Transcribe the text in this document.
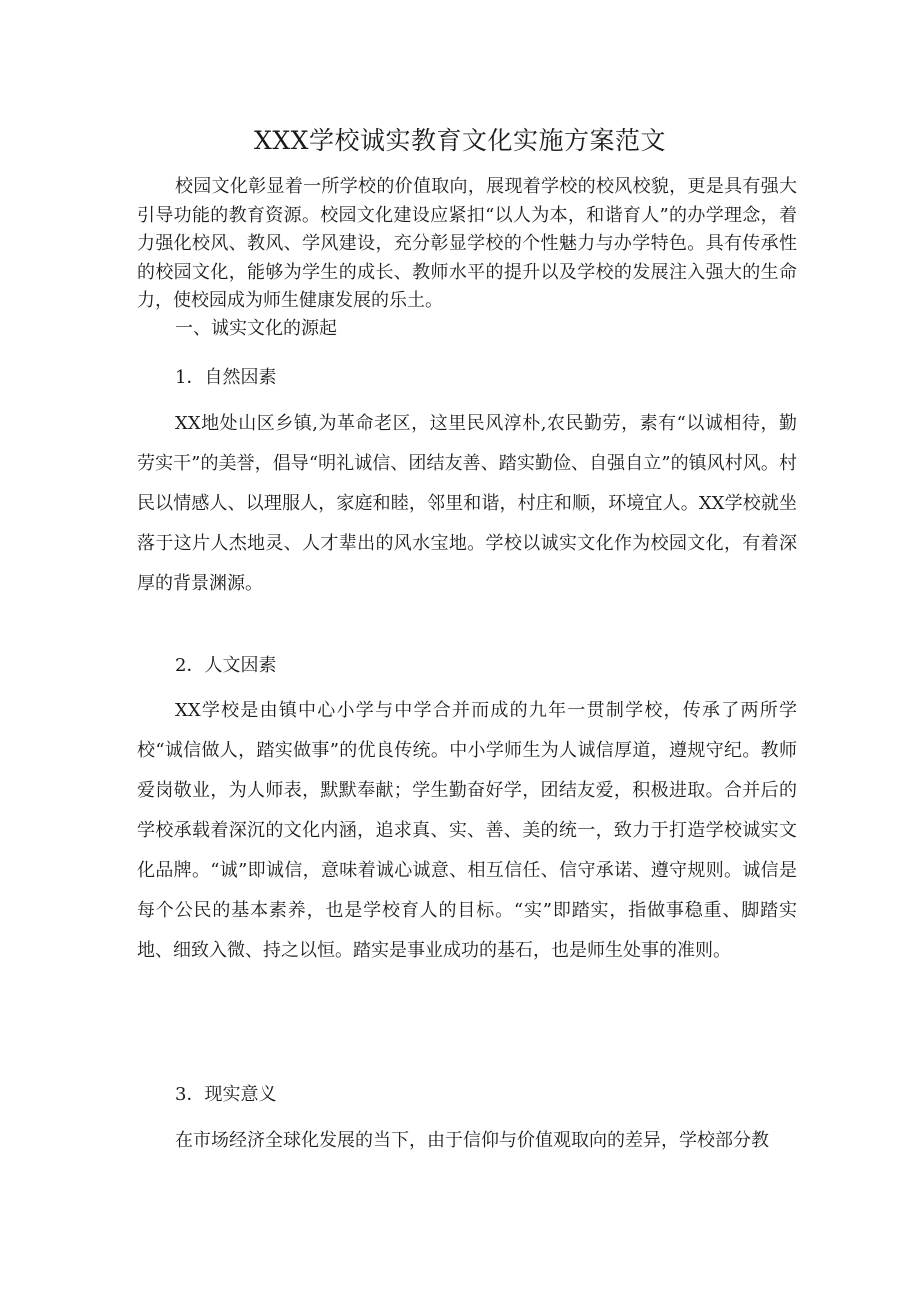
XXX学校诚实教育文化实施方案范文

校园文化彰显着一所学校的价值取向，展现着学校的校风校貌，更是具有强大引导功能的教育资源。校园文化建设应紧扣“以人为本，和谐育人”的办学理念，着力强化校风、教风、学风建设，充分彰显学校的个性魅力与办学特色。具有传承性的校园文化，能够为学生的成长、教师水平的提升以及学校的发展注入强大的生命力，使校园成为师生健康发展的乐土。

一、诚实文化的源起

1．自然因素

XX地处山区乡镇,为革命老区，这里民风淳朴,农民勤劳，素有“以诚相待，勤劳实干”的美誉，倡导“明礼诚信、团结友善、踏实勤俭、自强自立”的镇风村风。村民以情感人、以理服人，家庭和睦，邻里和谐，村庄和顺，环境宜人。XX学校就坐落于这片人杰地灵、人才辈出的风水宝地。学校以诚实文化作为校园文化，有着深厚的背景渊源。

2．人文因素

XX学校是由镇中心小学与中学合并而成的九年一贯制学校，传承了两所学校“诚信做人，踏实做事”的优良传统。中小学师生为人诚信厚道，遵规守纪。教师爱岗敬业，为人师表，默默奉献；学生勤奋好学，团结友爱，积极进取。合并后的学校承载着深沉的文化内涵，追求真、实、善、美的统一，致力于打造学校诚实文化品牌。“诚”即诚信，意味着诚心诚意、相互信任、信守承诺、遵守规则。诚信是每个公民的基本素养，也是学校育人的目标。“实”即踏实，指做事稳重、脚踏实地、细致入微、持之以恒。踏实是事业成功的基石，也是师生处事的准则。

3．现实意义

在市场经济全球化发展的当下，由于信仰与价值观取向的差异，学校部分教
